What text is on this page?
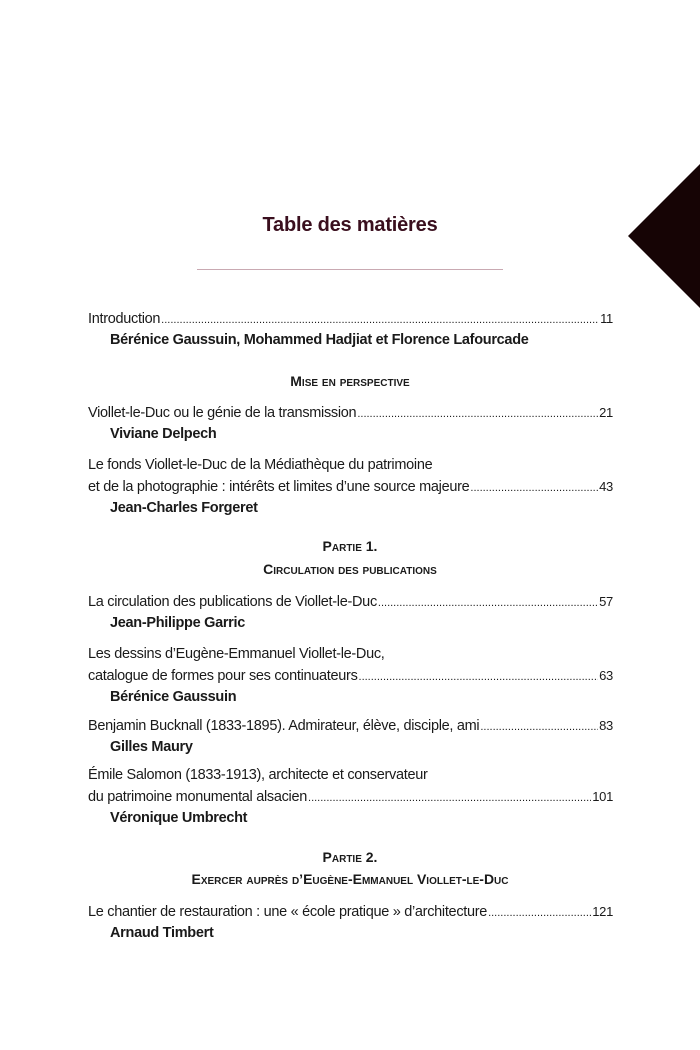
Table des matières
Introduction .....	11
Bérénice Gaussuin, Mohammed Hadjiat et Florence Lafourcade
Mise en perspective
Viollet-le-Duc ou le génie de la transmission .....	21
Viviane Delpech
Le fonds Viollet-le-Duc de la Médiathèque du patrimoine
et de la photographie : intérêts et limites d’une source majeure .....	43
Jean-Charles Forgeret
Partie 1.
Circulation des publications
La circulation des publications de Viollet-le-Duc .....	57
Jean-Philippe Garric
Les dessins d’Eugène-Emmanuel Viollet-le-Duc,
catalogue de formes pour ses continuateurs .....	63
Bérénice Gaussuin
Benjamin Bucknall (1833-1895). Admirateur, élève, disciple, ami .....	83
Gilles Maury
Émile Salomon (1833-1913), architecte et conservateur
du patrimoine monumental alsacien .....	101
Véronique Umbrecht
Partie 2.
Exercer auprès d’Eugène-Emmanuel Viollet-le-Duc
Le chantier de restauration : une « école pratique » d’architecture .....	121
Arnaud Timbert
